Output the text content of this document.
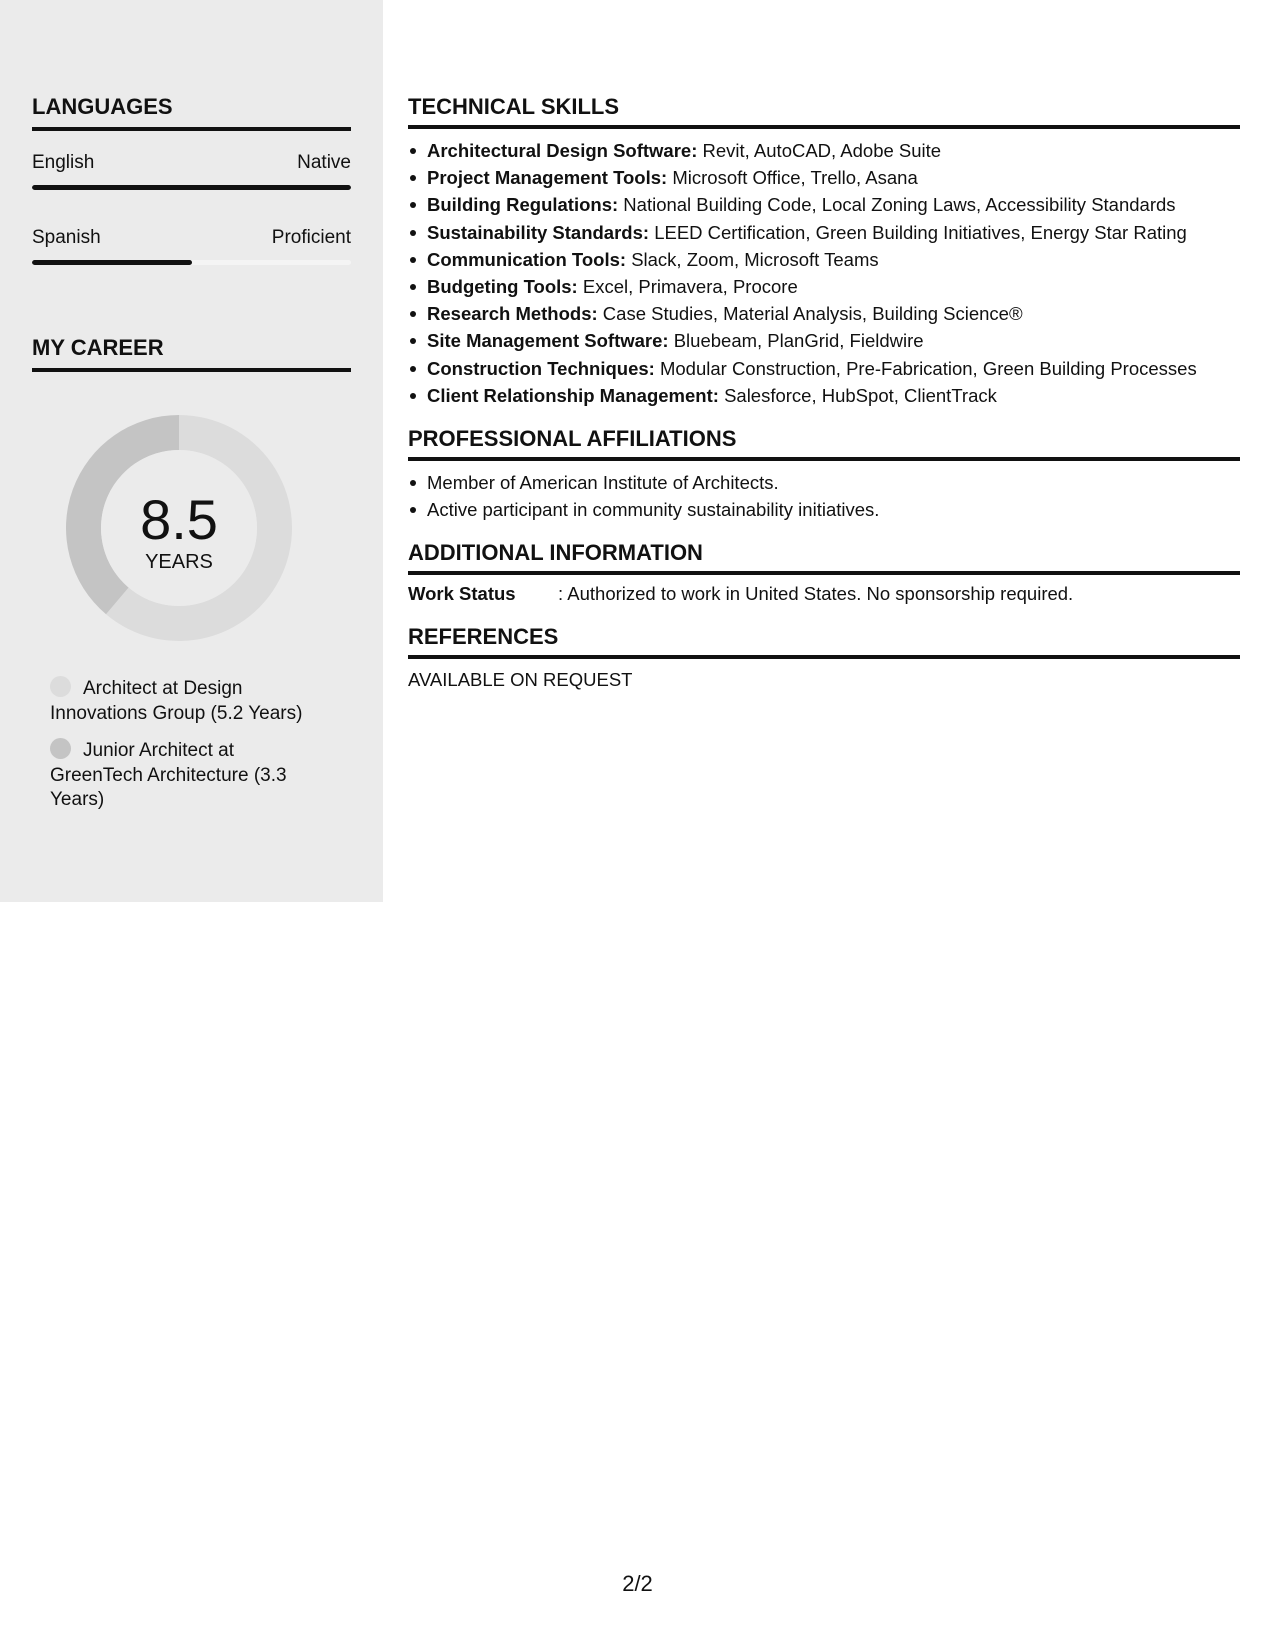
LANGUAGES
English	Native
Spanish	Proficient
MY CAREER
8.5
YEARS
Architect at Design Innovations Group (5.2 Years)
Junior Architect at GreenTech Architecture (3.3 Years)
TECHNICAL SKILLS
Architectural Design Software: Revit, AutoCAD, Adobe Suite
Project Management Tools: Microsoft Office, Trello, Asana
Building Regulations: National Building Code, Local Zoning Laws, Accessibility Standards
Sustainability Standards: LEED Certification, Green Building Initiatives, Energy Star Rating
Communication Tools: Slack, Zoom, Microsoft Teams
Budgeting Tools: Excel, Primavera, Procore
Research Methods: Case Studies, Material Analysis, Building Science®
Site Management Software: Bluebeam, PlanGrid, Fieldwire
Construction Techniques: Modular Construction, Pre-Fabrication, Green Building Processes
Client Relationship Management: Salesforce, HubSpot, ClientTrack
PROFESSIONAL AFFILIATIONS
Member of American Institute of Architects.
Active participant in community sustainability initiatives.
ADDITIONAL INFORMATION
Work Status	: Authorized to work in United States. No sponsorship required.
REFERENCES
AVAILABLE ON REQUEST
2/2
